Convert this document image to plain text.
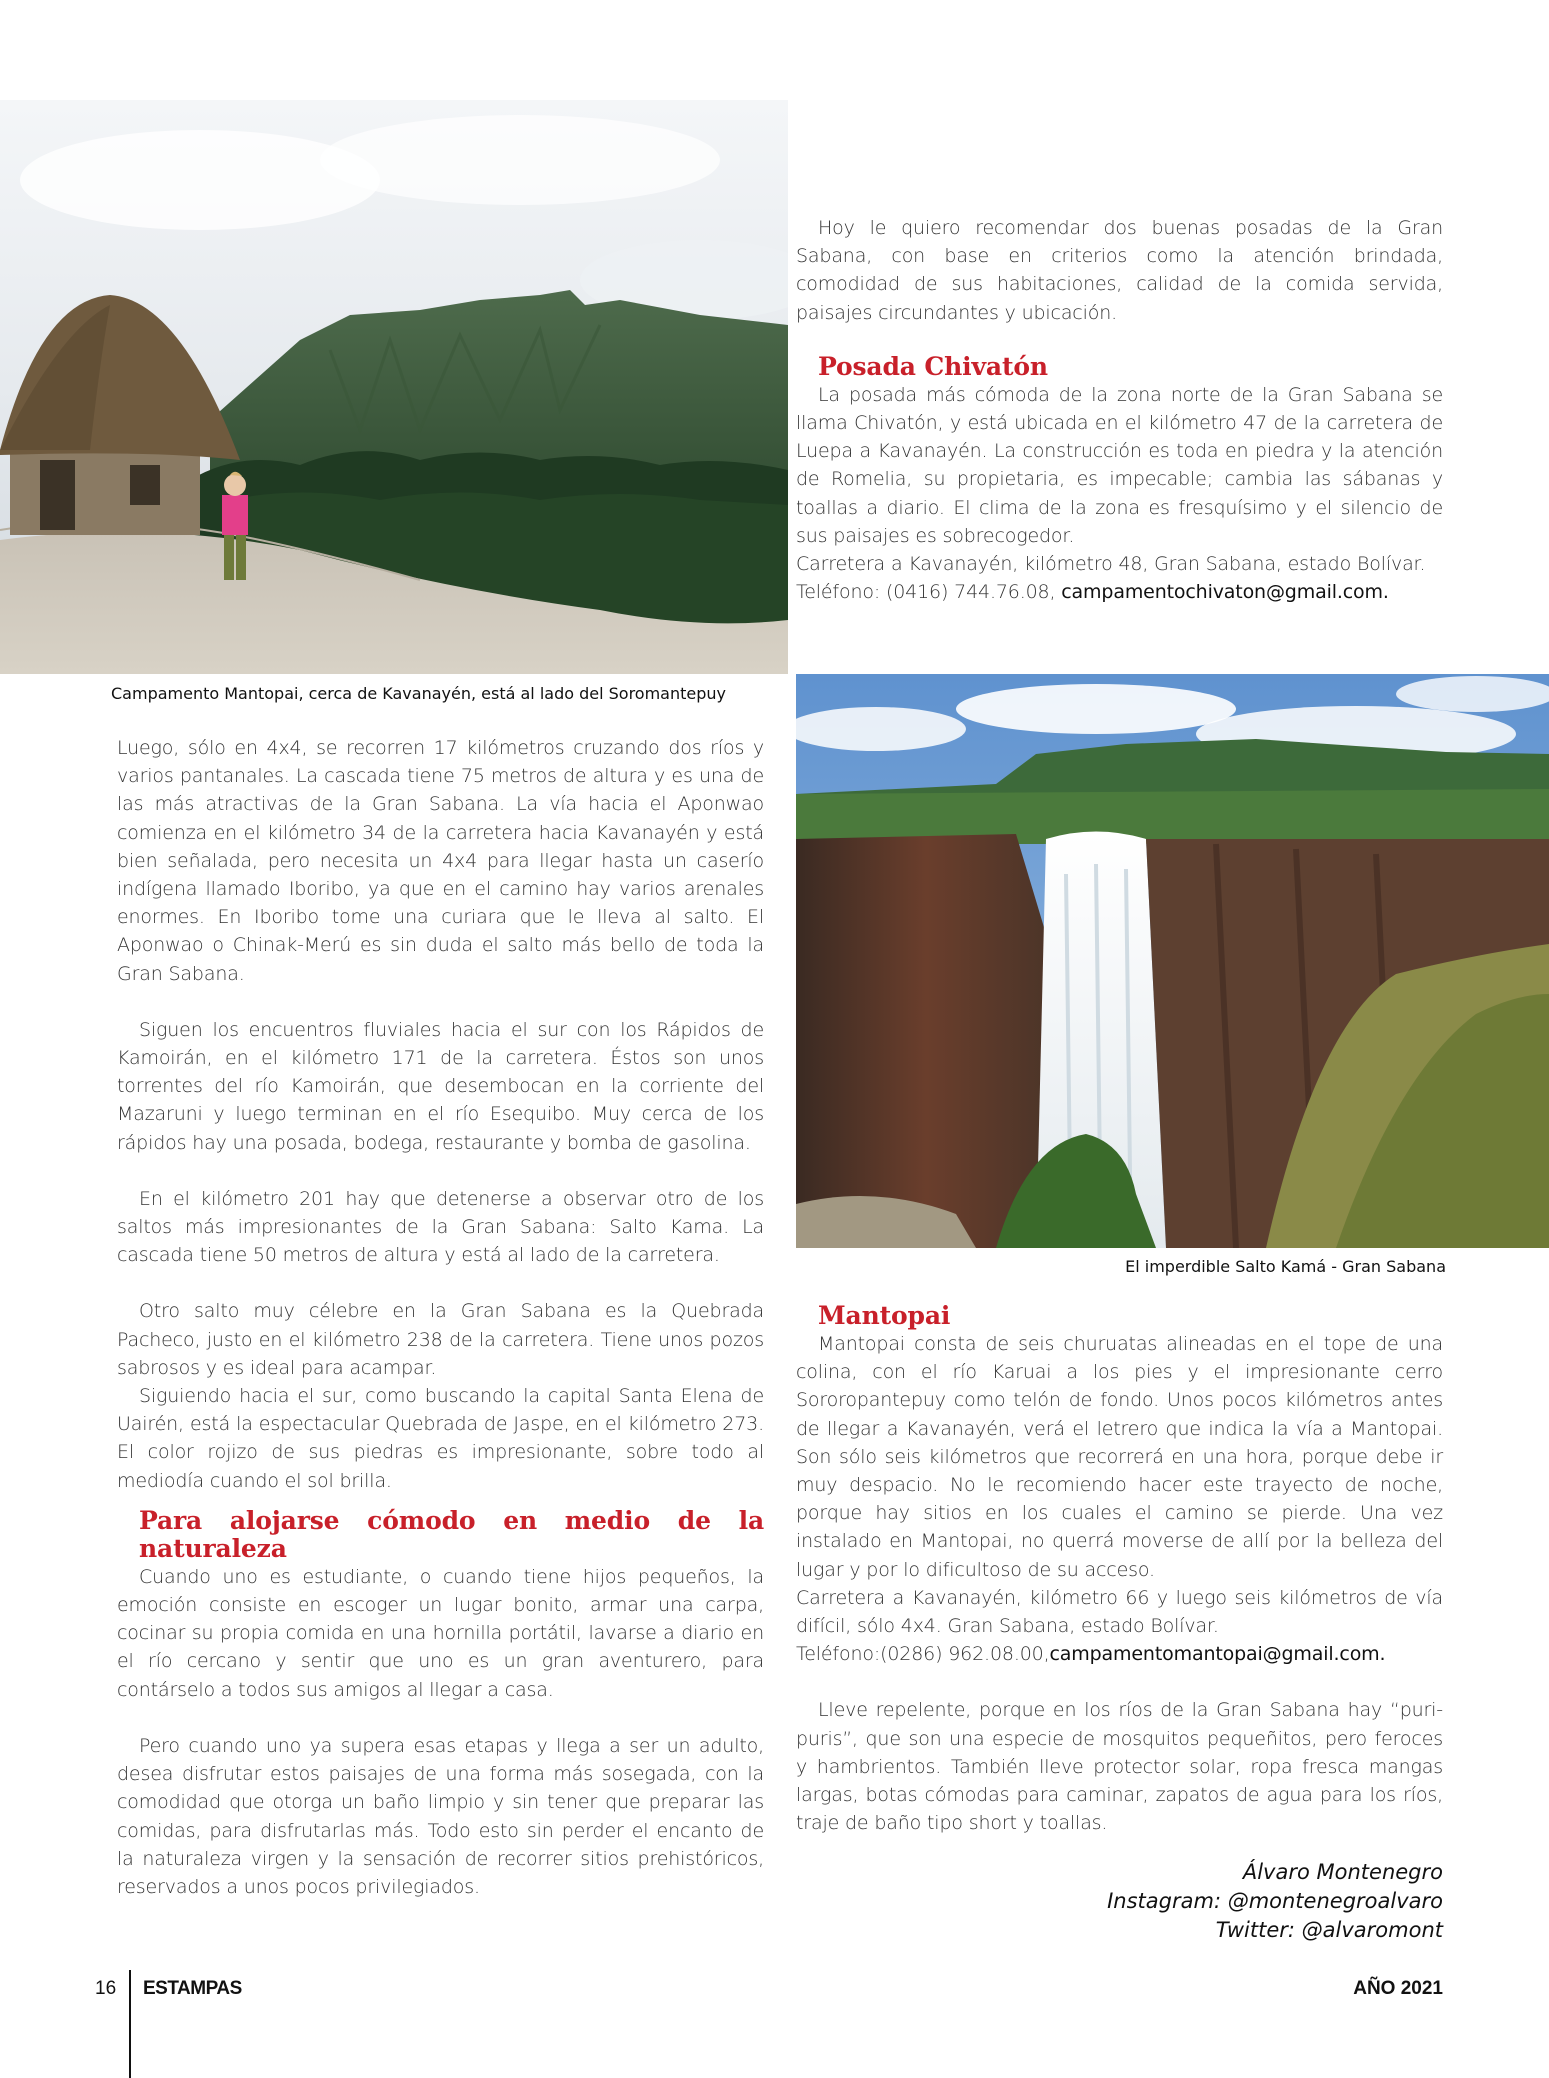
Campamento Mantopai, cerca de Kavanayén, está al lado del Soromantepuy

Hoy le quiero recomendar dos buenas posadas de la Gran Sabana, con base en criterios como la atención brindada, comodidad de sus habitaciones, calidad de la comida servida, paisajes circundantes y ubicación.

Posada Chivatón

La posada más cómoda de la zona norte de la Gran Sabana se llama Chivatón, y está ubicada en el kilómetro 47 de la carretera de Luepa a Kavanayén. La construcción es toda en piedra y la atención de Romelia, su propietaria, es impecable; cambia las sábanas y toallas a diario. El clima de la zona es fresquísimo y el silencio de sus paisajes es sobrecogedor.

Carretera a Kavanayén, kilómetro 48, Gran Sabana, estado Bolívar.

Teléfono: (0416) 744.76.08, campamentochivaton@gmail.com.

El imperdible Salto Kamá - Gran Sabana

Luego, sólo en 4x4, se recorren 17 kilómetros cruzando dos ríos y varios pantanales. La cascada tiene 75 metros de altura y es una de las más atractivas de la Gran Sabana. La vía hacia el Aponwao comienza en el kilómetro 34 de la carretera hacia Kavanayén y está bien señalada, pero necesita un 4x4 para llegar hasta un caserío indígena llamado Iboribo, ya que en el camino hay varios arenales enormes. En Iboribo tome una curiara que le lleva al salto. El Aponwao o Chinak-Merú es sin duda el salto más bello de toda la Gran Sabana.

Siguen los encuentros fluviales hacia el sur con los Rápidos de Kamoirán, en el kilómetro 171 de la carretera. Éstos son unos torrentes del río Kamoirán, que desembocan en la corriente del Mazaruni y luego terminan en el río Esequibo. Muy cerca de los rápidos hay una posada, bodega, restaurante y bomba de gasolina.

En el kilómetro 201 hay que detenerse a observar otro de los saltos más impresionantes de la Gran Sabana: Salto Kama. La cascada tiene 50 metros de altura y está al lado de la carretera.

Otro salto muy célebre en la Gran Sabana es la Quebrada Pacheco, justo en el kilómetro 238 de la carretera. Tiene unos pozos sabrosos y es ideal para acampar.

Siguiendo hacia el sur, como buscando la capital Santa Elena de Uairén, está la espectacular Quebrada de Jaspe, en el kilómetro 273. El color rojizo de sus piedras es impresionante, sobre todo al mediodía cuando el sol brilla.

Para alojarse cómodo en medio de la naturaleza

Cuando uno es estudiante, o cuando tiene hijos pequeños, la emoción consiste en escoger un lugar bonito, armar una carpa, cocinar su propia comida en una hornilla portátil, lavarse a diario en el río cercano y sentir que uno es un gran aventurero, para contárselo a todos sus amigos al llegar a casa.

Pero cuando uno ya supera esas etapas y llega a ser un adulto, desea disfrutar estos paisajes de una forma más sosegada, con la comodidad que otorga un baño limpio y sin tener que preparar las comidas, para disfrutarlas más. Todo esto sin perder el encanto de la naturaleza virgen y la sensación de recorrer sitios prehistóricos, reservados a unos pocos privilegiados.

Mantopai

Mantopai consta de seis churuatas alineadas en el tope de una colina, con el río Karuai a los pies y el impresionante cerro Sororopantepuy como telón de fondo. Unos pocos kilómetros antes de llegar a Kavanayén, verá el letrero que indica la vía a Mantopai. Son sólo seis kilómetros que recorrerá en una hora, porque debe ir muy despacio. No le recomiendo hacer este trayecto de noche, porque hay sitios en los cuales el camino se pierde. Una vez instalado en Mantopai, no querrá moverse de allí por la belleza del lugar y por lo dificultoso de su acceso.

Carretera a Kavanayén, kilómetro 66 y luego seis kilómetros de vía difícil, sólo 4x4. Gran Sabana, estado Bolívar.

Teléfono:(0286) 962.08.00,campamentomantopai@gmail.com.

Lleve repelente, porque en los ríos de la Gran Sabana hay “puri-puris”, que son una especie de mosquitos pequeñitos, pero feroces y hambrientos. También lleve protector solar, ropa fresca mangas largas, botas cómodas para caminar, zapatos de agua para los ríos, traje de baño tipo short y toallas.

Álvaro Montenegro
Instagram: @montenegroalvaro
Twitter: @alvaromont
16 ESTAMPAS	AÑO 2021
